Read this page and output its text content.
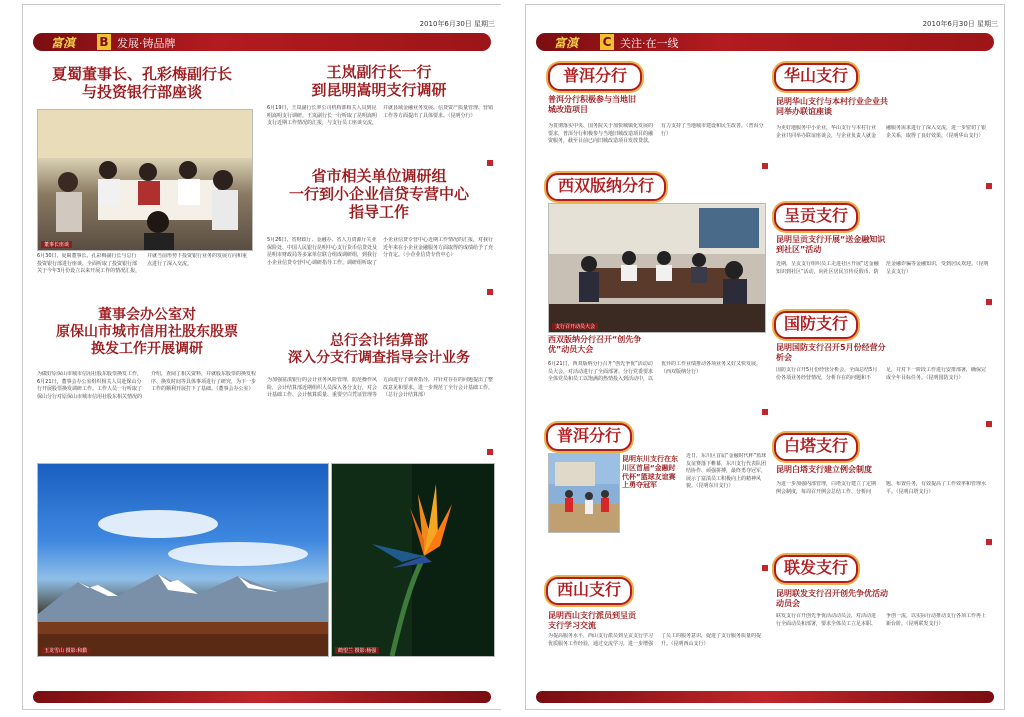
2010年6月30日 星期三
富滇 B 发展·铸品牌
夏蜀董事长、孔彩梅副行长
与投资银行部座谈
董事长座谈
6月30日，夏蜀董事长、孔彩梅副行长与总行投资银行部进行座谈，全面听取了投资银行部关于今年3月份设立以来开展工作的情况汇报，并就当前形势下投资银行业务的发展方向和重点进行了深入交流。
王岚副行长一行
到昆明嵩明支行调研
6月19日，王岚副行长率公司机构部相关人员到昆明嵩明支行调研。王岚副行长一行听取了昆明嵩明支行近期工作情况的汇报，与支行员工座谈交流，并就县域金融业务发展、信贷资产质量管理、营销工作等方面提出了具体要求。（昆明分行）
省市相关单位调研组
一行到小企业信贷专营中心
指导工作
5月26日，省财政厅、金融办、省人力资源厅失业保险处、中国人民银行昆明中心支行货币信贷处及昆明市财政局等多家单位联合组成调研组，到我行小企业信贷专营中心调研指导工作。调研组听取了小企业信贷专营中心近期工作情况的汇报，对我行近年来在小企业金融服务方面取得的成绩给予了充分肯定。（小企业信贷专营中心）
董事会办公室对
原保山市城市信用社股东股票
换发工作开展调研
为做好原保山市城市信用社股东股票换发工作，6月21日，董事会办公室组织相关人员赴保山分行开展股票换发调研工作。工作人员一行听取了保山分行对原保山市城市信用社股东相关情况的介绍，查阅了相关资料，并就股东股票的换发程序、换发时间等具体事项进行了研究，为下一步工作的顺利开展打下了基础。（董事会办公室）
总行会计结算部
深入分支行调查指导会计业务
为加强富滇银行的会计业务风险管理，防范操作风险，会计结算部近期组织人员深入各分支行，对会计基础工作、会计核算质量、重要空白凭证管理等方面进行了调查指导，并针对存在的问题提出了整改意见和要求，进一步规范了全行会计基础工作。（总行会计结算部）
玉龙雪山 摄影:和勤	鹤望兰 摄影:杨强
2010年6月30日 星期三
富滇 C 关注·在一线
普洱分行
普洱分行积极参与当地旧城改造项目
为贯彻落实中央、国务院关于加快城镇化发展的要求，普洱分行积极参与当地旧城改造项目的融资服务，截至目前已向旧城改造项目发放贷款，有力支持了当地城市建设和民生改善。（普洱分行）
西双版纳分行
支行召开动员大会
西双版纳分行召开“创先争优”动员大会
6月21日，西双版纳分行召开“创先争优”活动动员大会，对活动进行了全面部署。分行党委要求全体党员和员工以饱满的热情投入到活动中，以优异的工作业绩推动各项业务又好又快发展。（西双版纳分行）
普洱分行
昆明东川支行在东川区首届“金融时代杯”篮球友谊赛上勇夺冠军
近日，东川区首届“金融时代杯”篮球友谊赛落下帷幕，东川支行代表队团结协作、顽强拼搏，最终勇夺冠军，展示了富滇员工积极向上的精神风貌。（昆明东川支行）
西山支行
昆明西山支行派员到呈贡支行学习交流
为提高服务水平，西山支行派员到呈贡支行学习优质服务工作经验，通过交流学习，进一步增强了员工的服务意识，促进了支行服务质量的提升。（昆明西山支行）
华山支行
昆明华山支行与本村行业企业共同举办联谊座谈
为更好地服务中小企业，华山支行与本村行业企业共同举办联谊座谈会，与企业负责人就金融服务需求进行了深入交流，进一步密切了银企关系，取得了良好效果。（昆明华山支行）
呈贡支行
昆明呈贡支行开展“送金融知识到社区”活动
近期，呈贡支行组织员工走进社区开展“送金融知识到社区”活动，向社区居民宣传反假币、防范金融诈骗等金融知识，受到居民欢迎。（昆明呈贡支行）
国防支行
昆明国防支行召开5月份经营分析会
国防支行召开5月份经营分析会，全面总结5月份各项业务经营情况，分析存在的问题和不足，并对下一阶段工作进行安排部署，确保完成全年目标任务。（昆明国防支行）
白塔支行
昆明白塔支行建立例会制度
为进一步加强内部管理，白塔支行建立了定期例会制度，每周召开例会总结工作、分析问题、布置任务，有效提高了工作效率和管理水平。（昆明白塔支行）
联发支行
昆明联发支行召开创先争优活动动员会
联发支行召开创先争优活动动员会，对活动进行全面动员和部署，要求全体员工立足本职、争创一流，以实际行动推动支行各项工作再上新台阶。（昆明联发支行）
